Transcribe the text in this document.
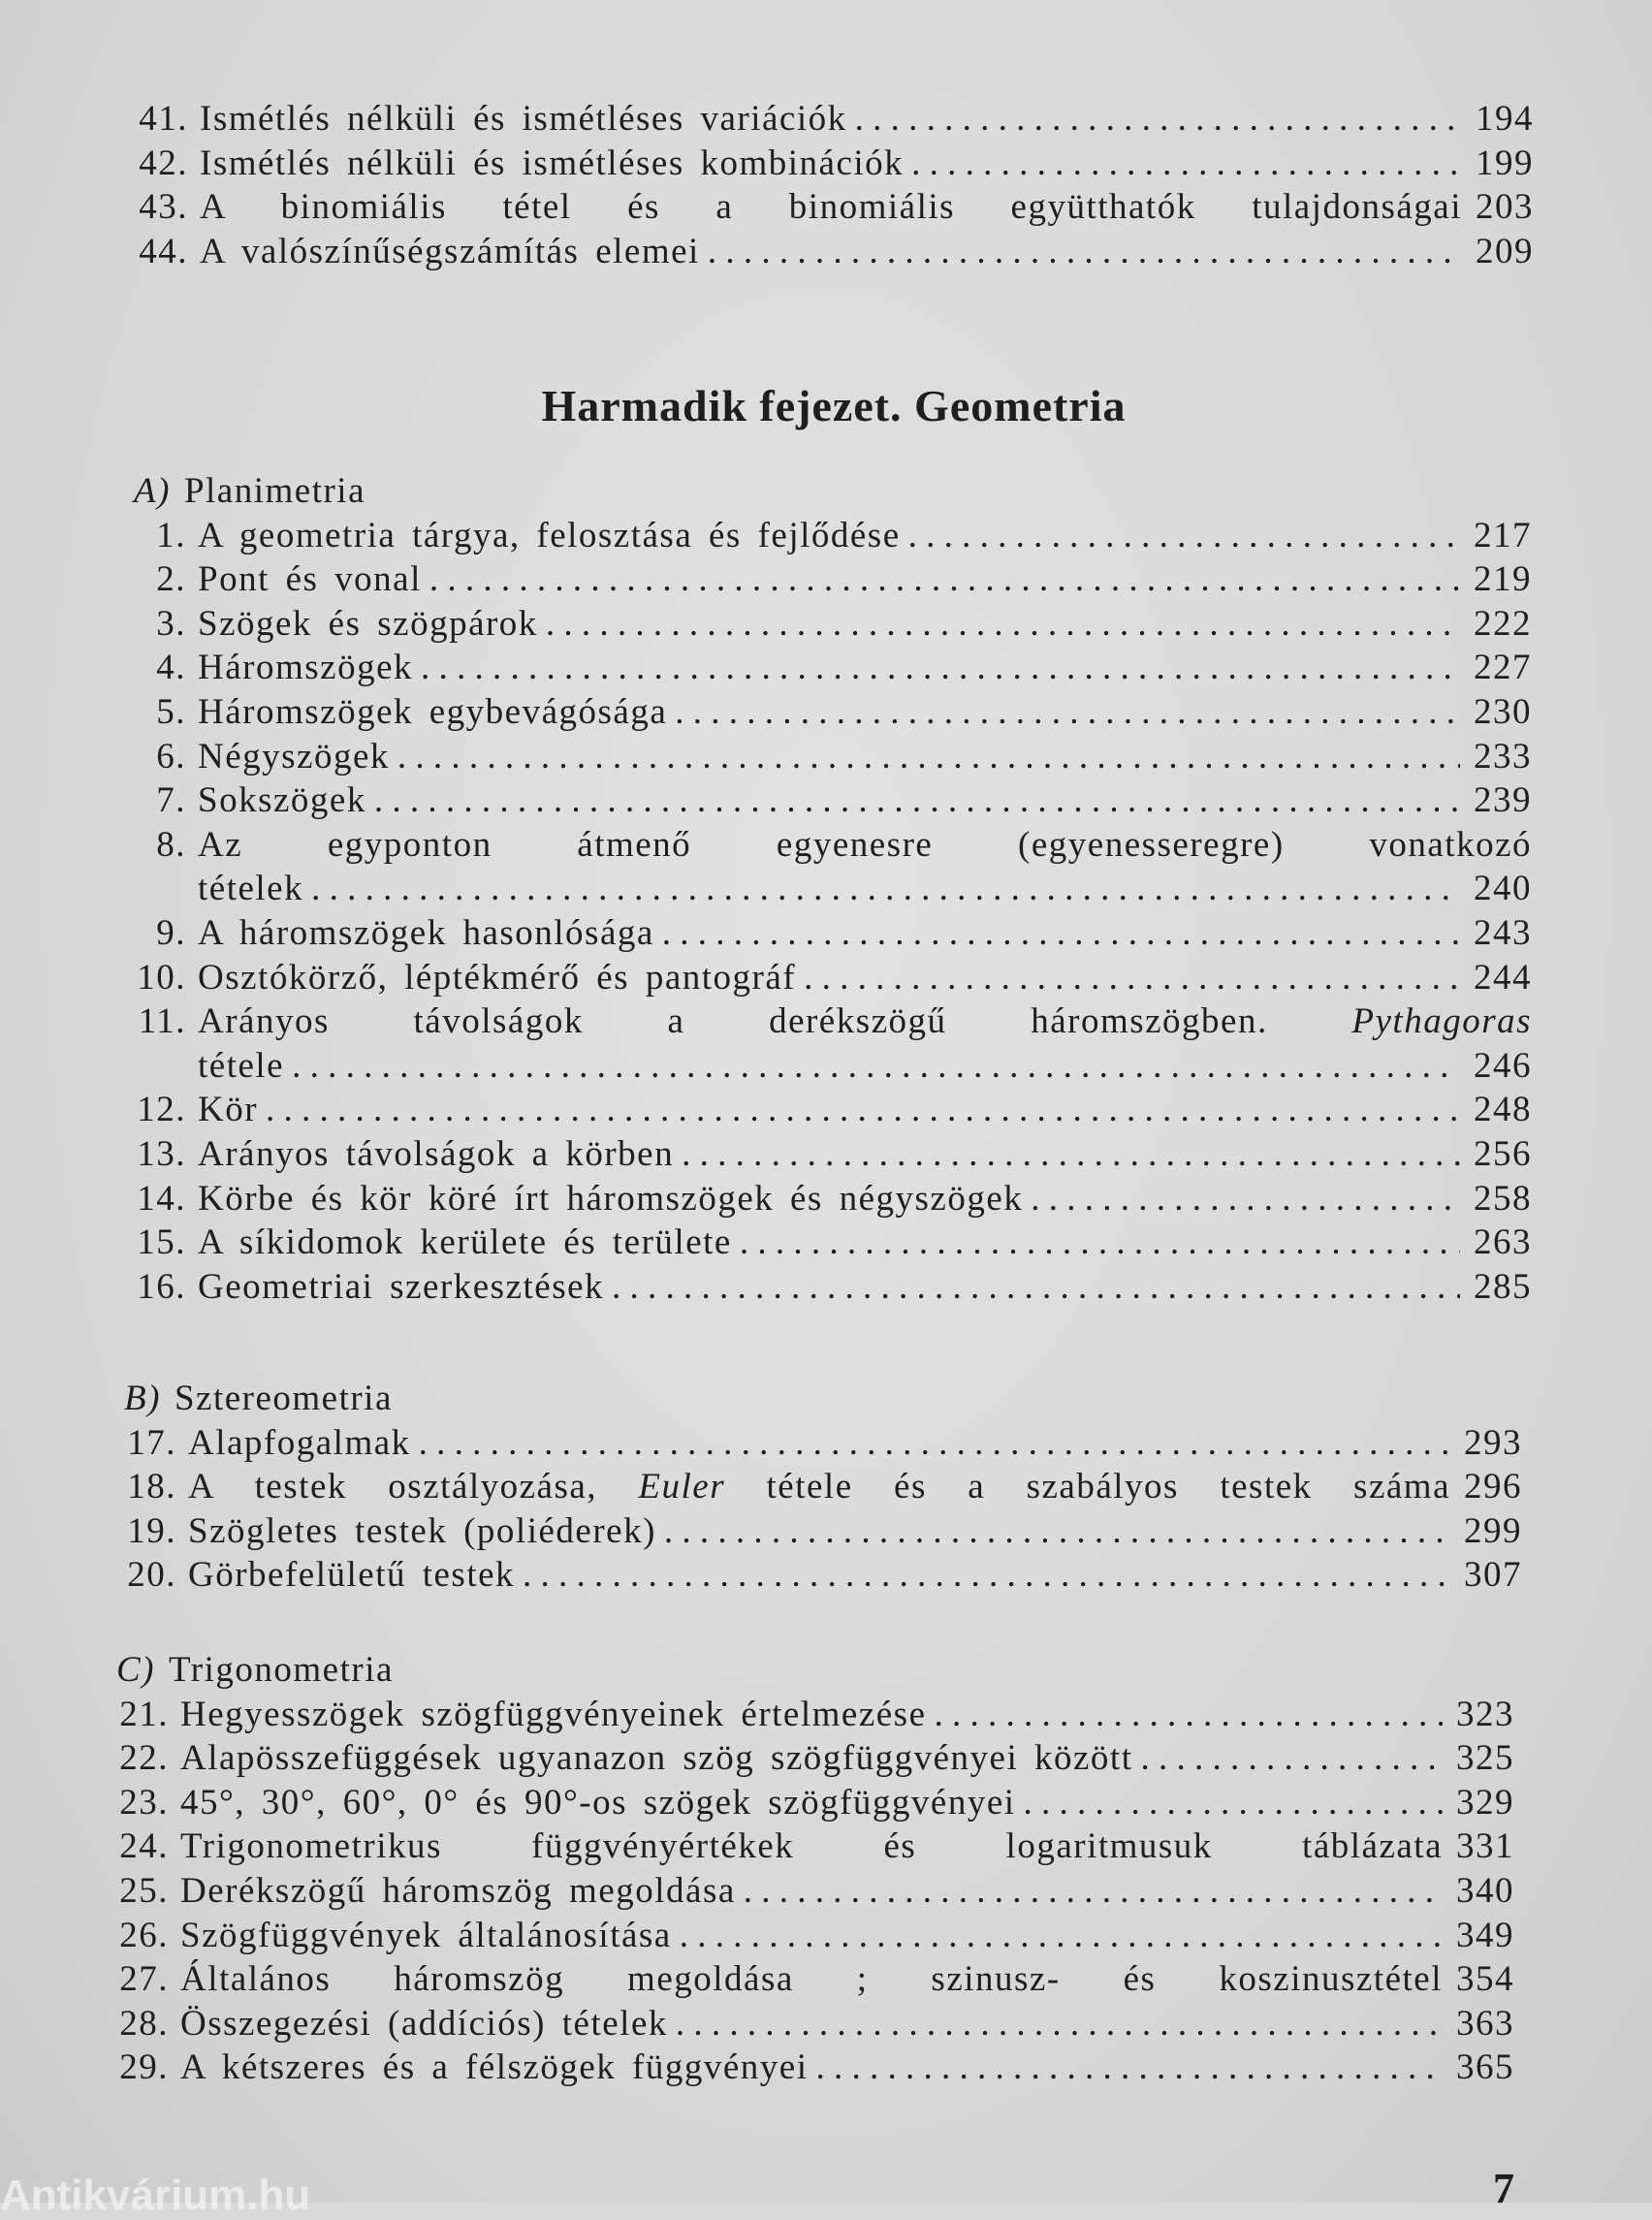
41. Ismétlés nélküli és ismétléses variációk . . .	194
42. Ismétlés nélküli és ismétléses kombinációk . . .	199
43. A binomiális tétel és a binomiális együtthatók tulajdonságai 203
44. A valószínűségszámítás elemei . . .	209
Harmadik fejezet. Geometria
A) Planimetria
1. A geometria tárgya, felosztása és fejlődése . . .	217
2. Pont és vonal . . .	219
3. Szögek és szögpárok . . .	222
4. Háromszögek . . .	227
5. Háromszögek egybevágósága . . .	230
6. Négyszögek . . .	233
7. Sokszögek . . .	239
8. Az egyponton átmenő egyenesre (egyenesseregre) vonatkozó
tételek . . .	240
9. A háromszögek hasonlósága . . .	243
10. Osztókörző, léptékmérő és pantográf . . .	244
11. Arányos távolságok a derékszögű háromszögben. Pythagoras
tétele . . .	246
12. Kör . . .	248
13. Arányos távolságok a körben . . .	256
14. Körbe és kör köré írt háromszögek és négyszögek . . .	258
15. A síkidomok kerülete és területe . . .	263
16. Geometriai szerkesztések . . .	285
B) Sztereometria
17. Alapfogalmak . . .	293
18. A testek osztályozása, Euler tétele és a szabályos testek száma 296
19. Szögletes testek (poliéderek) . . .	299
20. Görbefelületű testek . . .	307
C) Trigonometria
21. Hegyesszögek szögfüggvényeinek értelmezése . . .	323
22. Alapösszefüggések ugyanazon szög szögfüggvényei között . . .	325
23. 45°, 30°, 60°, 0° és 90°-os szögek szögfüggvényei . . .	329
24. Trigonometrikus függvényértékek és logaritmusuk táblázata 331
25. Derékszögű háromszög megoldása . . .	340
26. Szögfüggvények általánosítása . . .	349
27. Általános háromszög megoldása ; szinusz- és koszinusztétel 354
28. Összegezési (addíciós) tételek . . .	363
29. A kétszeres és a félszögek függvényei . . .	365
Antikvárium.hu	7
